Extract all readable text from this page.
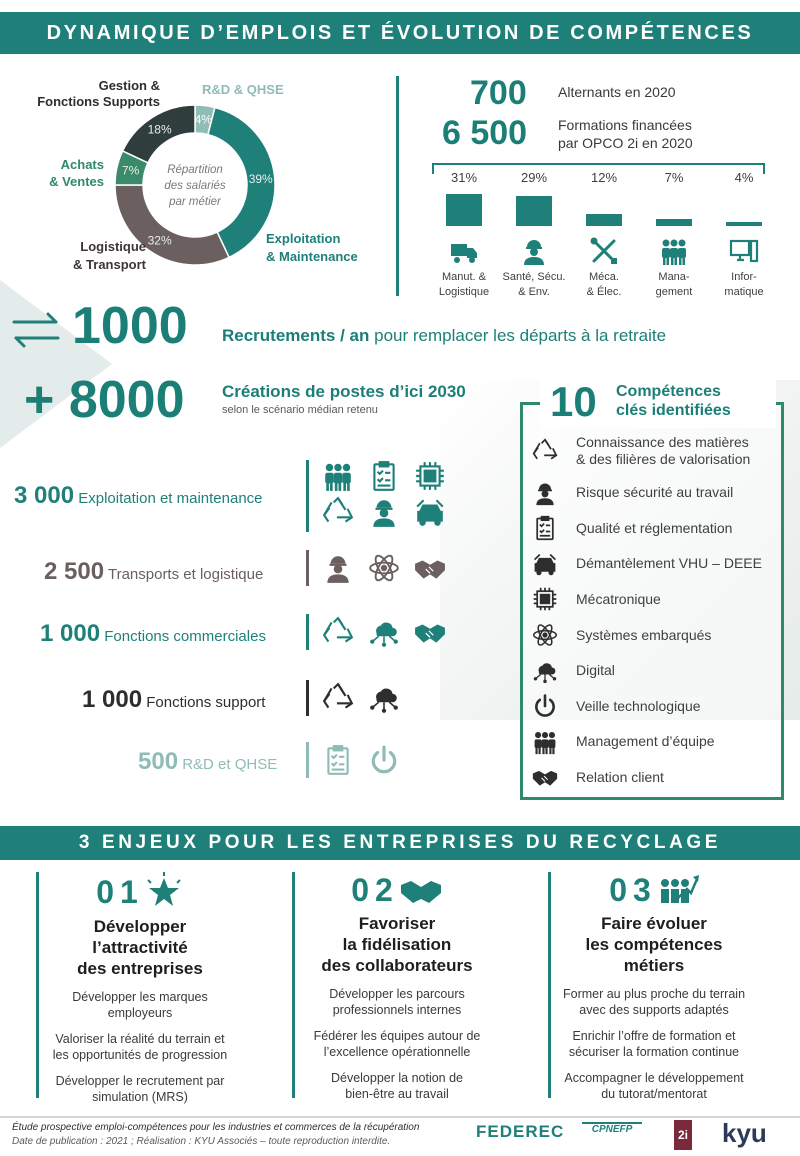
DYNAMIQUE D’EMPLOIS ET ÉVOLUTION DE COMPÉTENCES
4%
39%
32%
7%
18%
Répartition
des salariés
par métier
R&D & QHSE
Gestion &
Fonctions Supports
Achats
& Ventes
Logistique
& Transport
Exploitation
& Maintenance
700 Alternants en 2020
6 500 Formations financées
par OPCO 2i en 2020
31%
Manut. &
Logistique
29%
Santé, Sécu.
& Env.
12%
Méca.
& Élec.
7%
Mana-
gement
4%
Infor-
matique
1000 Recrutements / an pour remplacer les départs à la retraite
+ 8000 Créations de postes d’ici 2030
selon le scénario médian retenu
3 000 Exploitation et maintenance
2 500 Transports et logistique
1 000 Fonctions commerciales
1 000 Fonctions support
500 R&D et QHSE
10 Compétences
clés identifiées
Connaissance des matières
& des filières de valorisation
Risque sécurité au travail
Qualité et réglementation
Démantèlement VHU – DEEE
Mécatronique
Systèmes embarqués
Digital
Veille technologique
Management d’équipe
Relation client
3 ENJEUX POUR LES ENTREPRISES DU RECYCLAGE
01
Développer
l’attractivité
des entreprises

Développer les marques
employeurs

Valoriser la réalité du terrain et
les opportunités de progression

Développer le recrutement par
simulation (MRS)

02
Favoriser
la fidélisation
des collaborateurs

Développer les parcours
professionnels internes

Fédérer les équipes autour de
l’excellence opérationnelle

Développer la notion de
bien-être au travail

03
Faire évoluer
les compétences
métiers

Former au plus proche du terrain
avec des supports adaptés

Enrichir l’offre de formation et
sécuriser la formation continue

Accompagner le développement
du tutorat/mentorat

Étude prospective emploi-compétences pour les industries et commerces de la récupération
Date de publication : 2021 ; Réalisation : KYU Associés – toute reproduction interdite.
FEDEREC	CPNEFP	2i kyu
